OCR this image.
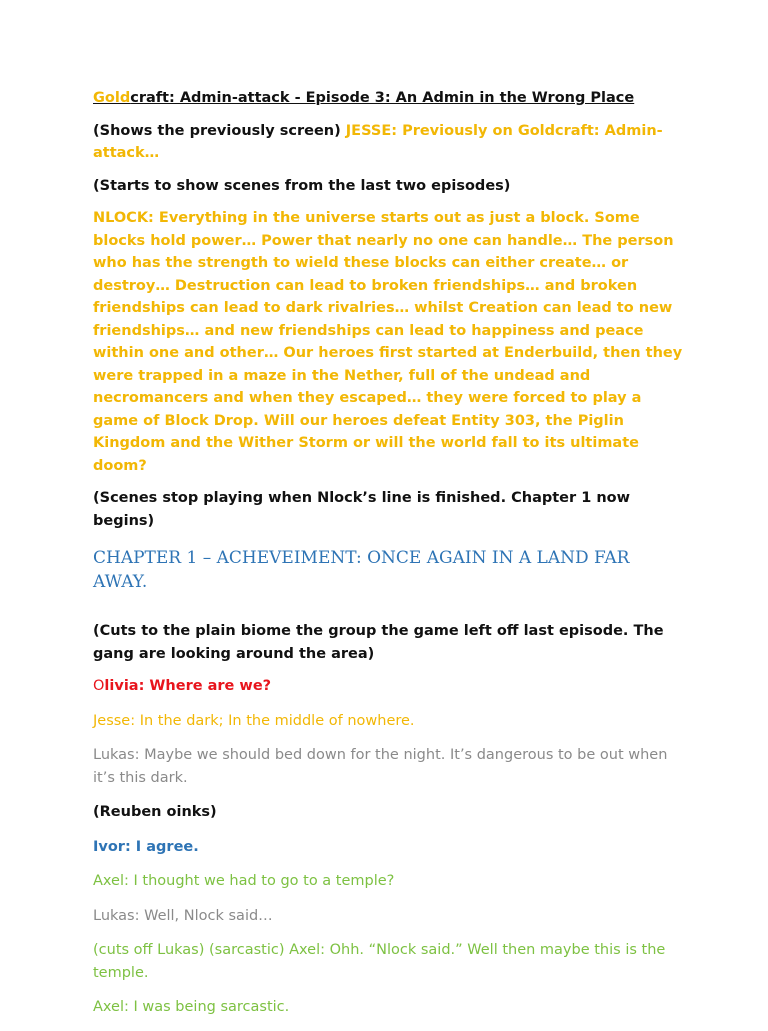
Goldcraft: Admin-attack - Episode 3: An Admin in the Wrong Place

(Shows the previously screen) JESSE: Previously on Goldcraft: Admin-attack…

(Starts to show scenes from the last two episodes)

NLOCK: Everything in the universe starts out as just a block. Some blocks hold power… Power that nearly no one can handle… The person who has the strength to wield these blocks can either create… or destroy… Destruction can lead to broken friendships… and broken friendships can lead to dark rivalries… whilst Creation can lead to new friendships… and new friendships can lead to happiness and peace within one and other… Our heroes first started at Enderbuild, then they were trapped in a maze in the Nether, full of the undead and necromancers and when they escaped… they were forced to play a game of Block Drop. Will our heroes defeat Entity 303, the Piglin Kingdom and the Wither Storm or will the world fall to its ultimate doom?

(Scenes stop playing when Nlock’s line is finished. Chapter 1 now begins)

CHAPTER 1 – ACHEVEIMENT: ONCE AGAIN IN A LAND FAR AWAY.

(Cuts to the plain biome the group the game left off last episode. The gang are looking around the area)

Olivia: Where are we?

Jesse: In the dark; In the middle of nowhere.

Lukas: Maybe we should bed down for the night. It’s dangerous to be out when it’s this dark.

(Reuben oinks)

Ivor: I agree.

Axel: I thought we had to go to a temple?

Lukas: Well, Nlock said…

(cuts off Lukas) (sarcastic) Axel: Ohh. “Nlock said.” Well then maybe this is the temple.

Axel: I was being sarcastic.
